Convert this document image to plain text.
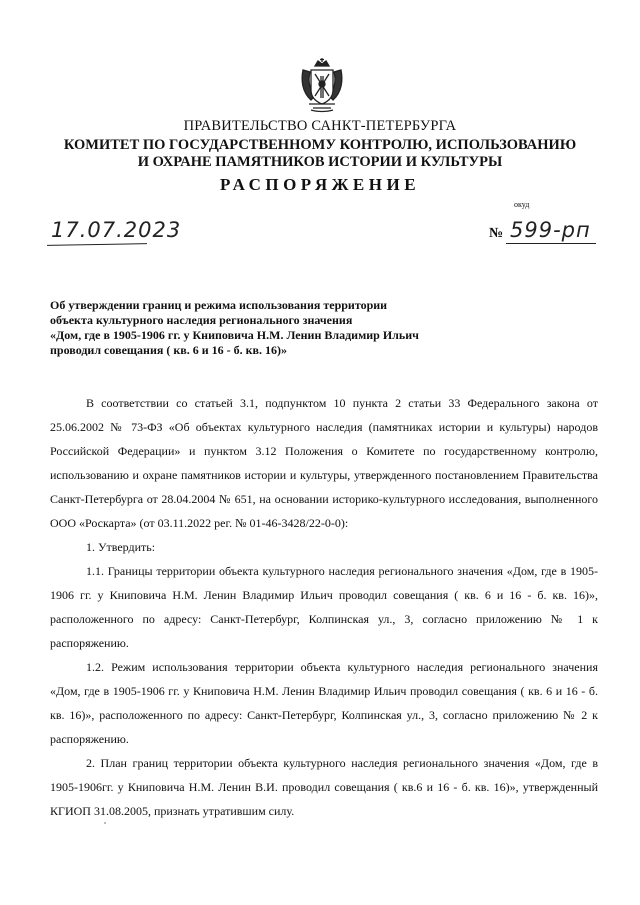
ПРАВИТЕЛЬСТВО САНКТ-ПЕТЕРБУРГА
КОМИТЕТ ПО ГОСУДАРСТВЕННОМУ КОНТРОЛЮ, ИСПОЛЬЗОВАНИЮ
И ОХРАНЕ ПАМЯТНИКОВ ИСТОРИИ И КУЛЬТУРЫ
РАСПОРЯЖЕНИЕ
окуд
17.07.2023	№ 599-рп
Об утверждении границ и режима использования территории
объекта культурного наследия регионального значения
«Дом, где в 1905-1906 гг. у Книповича Н.М. Ленин Владимир Ильич
проводил совещания ( кв. 6 и 16 - б. кв. 16)»

В соответствии со статьей 3.1, подпунктом 10 пункта 2 статьи 33 Федерального закона от 25.06.2002 № 73-ФЗ «Об объектах культурного наследия (памятниках истории и культуры) народов Российской Федерации» и пунктом 3.12 Положения о Комитете по государственному контролю, использованию и охране памятников истории и культуры, утвержденного постановлением Правительства Санкт-Петербурга от 28.04.2004 № 651, на основании историко-культурного исследования, выполненного ООО «Роскарта» (от 03.11.2022 рег. № 01-46-3428/22-0-0):

1. Утвердить:

1.1. Границы территории объекта культурного наследия регионального значения «Дом, где в 1905-1906 гг. у Книповича Н.М. Ленин Владимир Ильич проводил совещания ( кв. 6 и 16 - б. кв. 16)», расположенного по адресу: Санкт-Петербург, Колпинская ул., 3, согласно приложению № 1 к распоряжению.

1.2. Режим использования территории объекта культурного наследия регионального значения «Дом, где в 1905-1906 гг. у Книповича Н.М. Ленин Владимир Ильич проводил совещания ( кв. 6 и 16 - б. кв. 16)», расположенного по адресу: Санкт-Петербург, Колпинская ул., 3, согласно приложению № 2 к распоряжению.

2. План границ территории объекта культурного наследия регионального значения «Дом, где в 1905-1906гг. у Книповича Н.М. Ленин В.И. проводил совещания ( кв.6 и 16 - б. кв. 16)», утвержденный КГИОП 31.08.2005, признать утратившим силу.
